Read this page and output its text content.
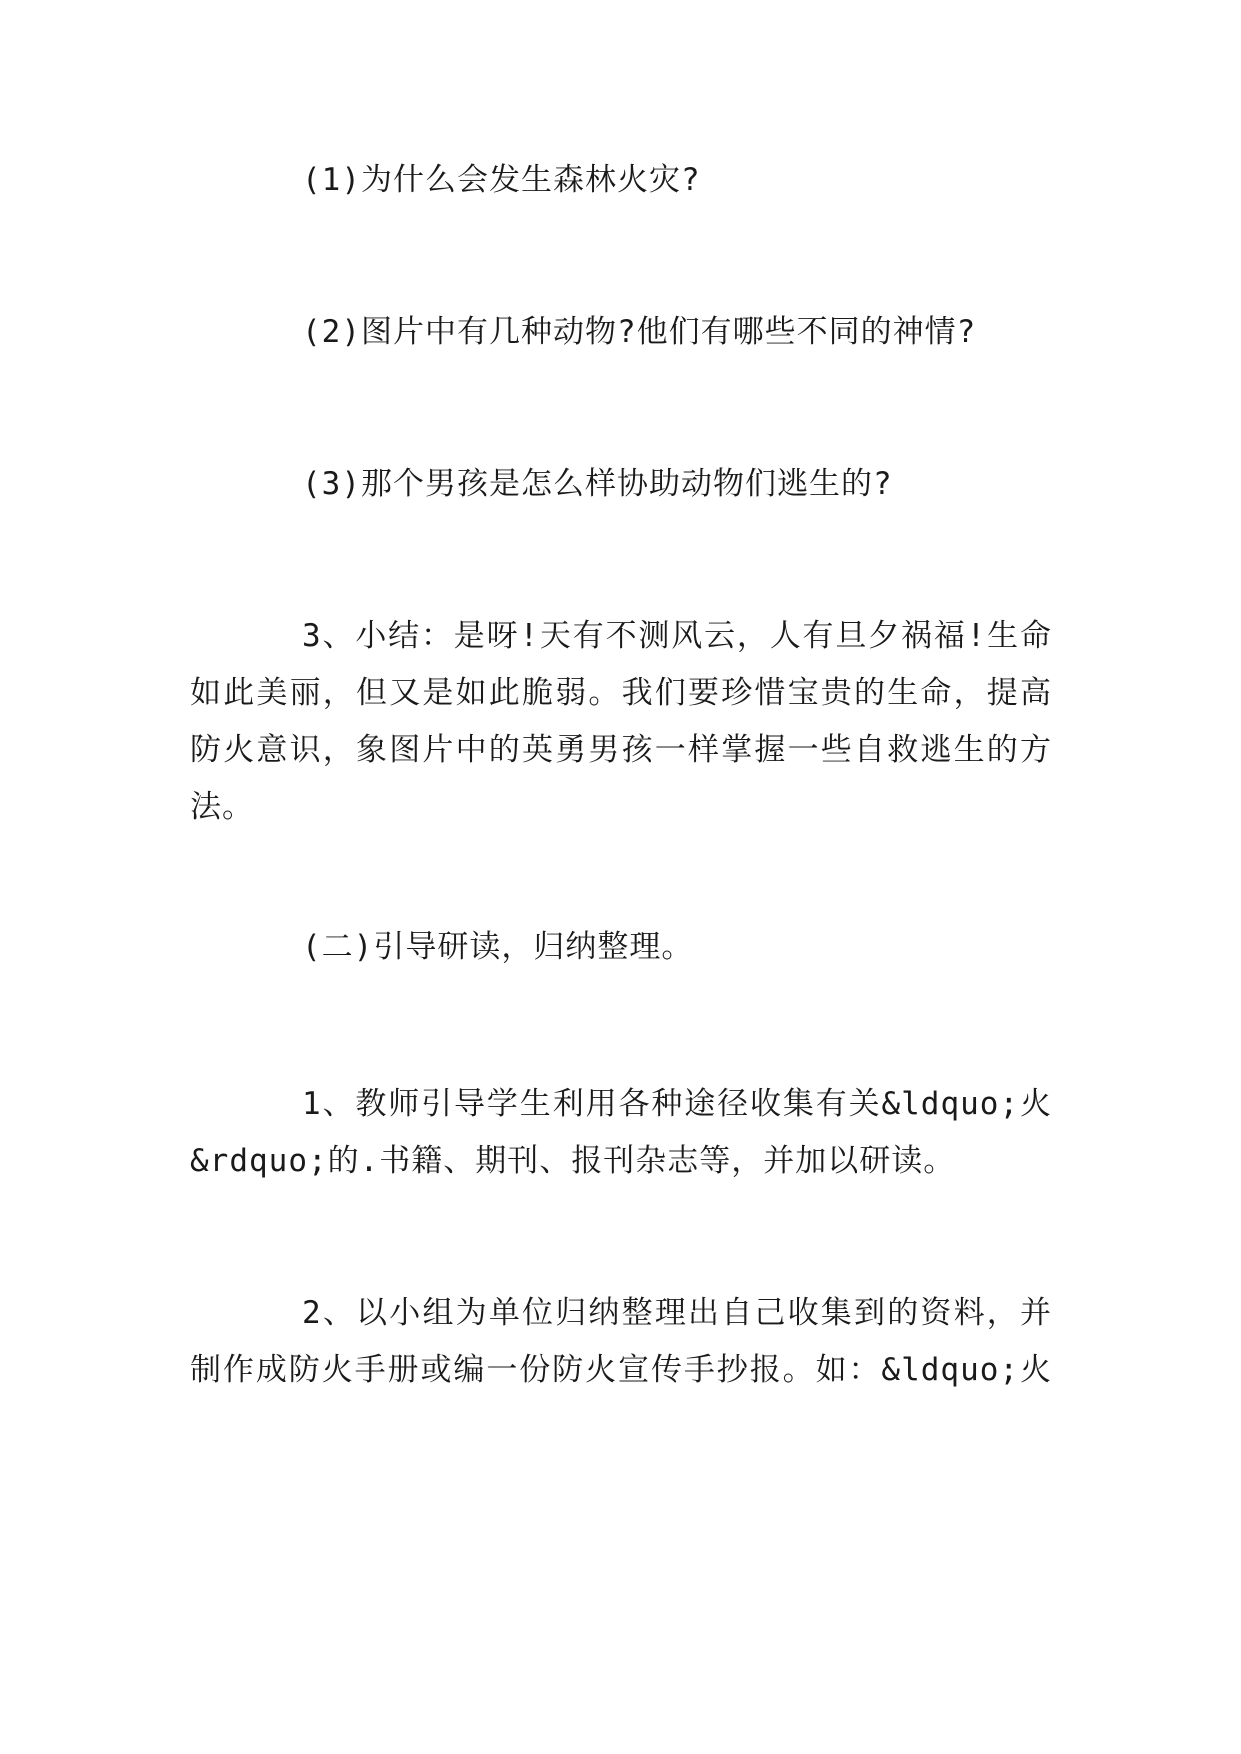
(1)为什么会发生森林火灾?

(2)图片中有几种动物?他们有哪些不同的神情?

(3)那个男孩是怎么样协助动物们逃生的?

3、小结：是呀!天有不测风云，人有旦夕祸福!生命
如此美丽，但又是如此脆弱。我们要珍惜宝贵的生命，提高
防火意识，象图片中的英勇男孩一样掌握一些自救逃生的方
法。

(二)引导研读，归纳整理。

1、教师引导学生利用各种途径收集有关&ldquo;火
&rdquo;的.书籍、期刊、报刊杂志等，并加以研读。

2、以小组为单位归纳整理出自己收集到的资料，并
制作成防火手册或编一份防火宣传手抄报。如：&ldquo;火
